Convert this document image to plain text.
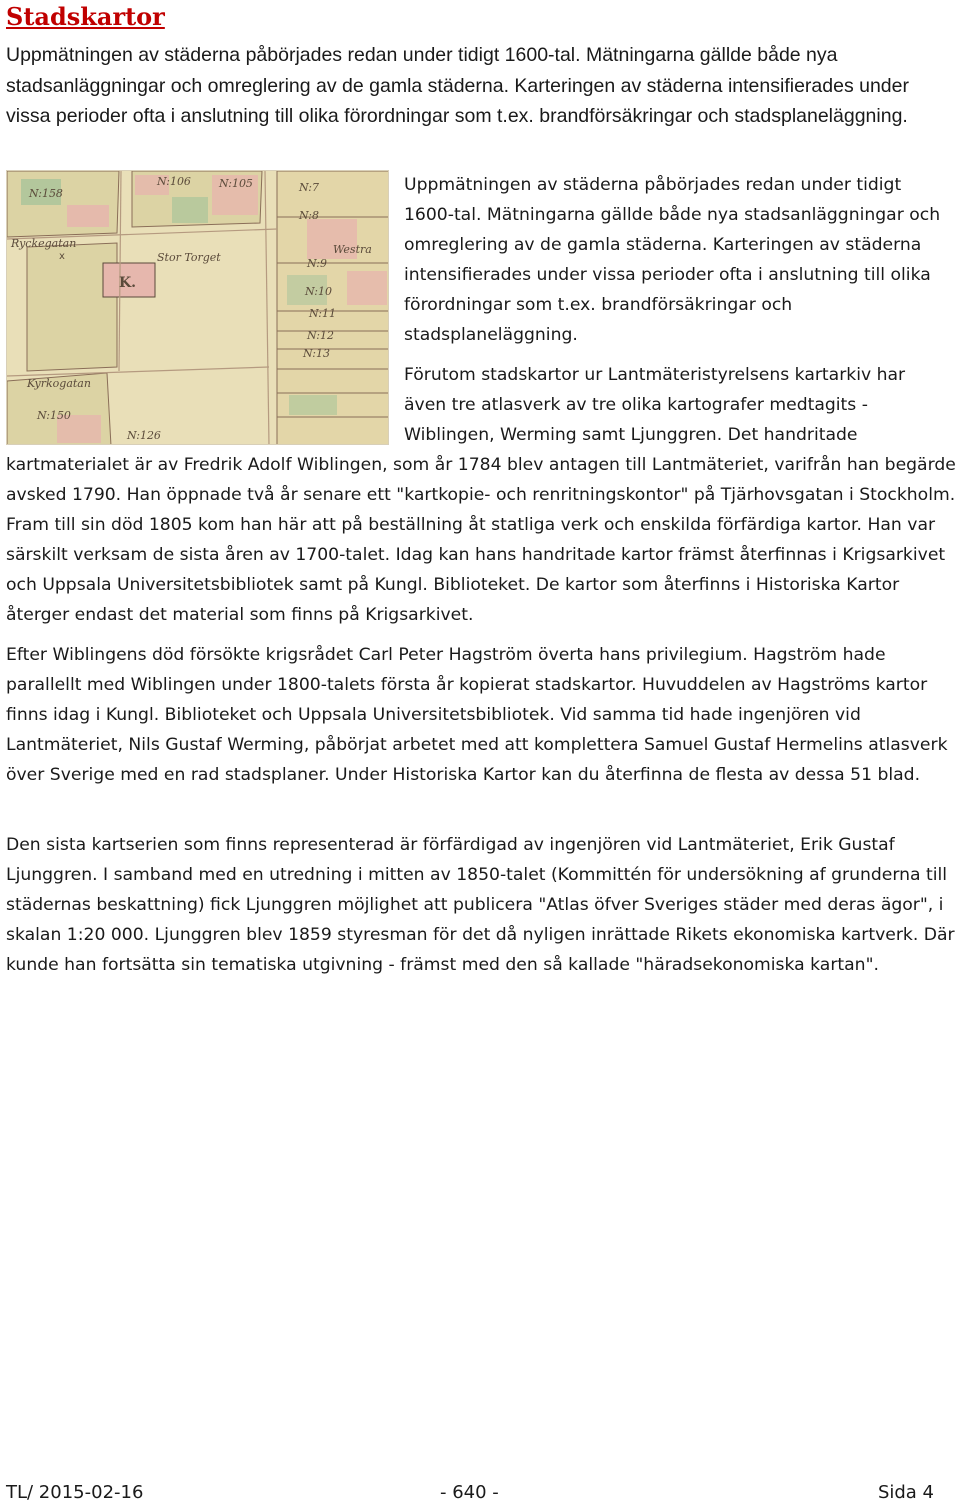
Stadskartor

Uppmätningen av städerna påbörjades redan under tidigt 1600-tal. Mätningarna gällde både nya stadsanläggningar och omreglering av de gamla städerna. Karteringen av städerna intensifierades under vissa perioder ofta i anslutning till olika förordningar som t.ex. brandförsäkringar och stadsplaneläggning.

N:158
N:106	N:105	N:7
N:8
N:9
N:10
N:11
N:12
N:13
N:150
N:126
Ryckegatan
Stor Torget
Kyrkogatan
Westra
K.
x

Uppmätningen av städerna påbörjades redan under tidigt 1600-tal. Mätningarna gällde både nya stadsanläggningar och omreglering av de gamla städerna. Karteringen av städerna intensifierades under vissa perioder ofta i anslutning till olika förordningar som t.ex. brandförsäkringar och stadsplaneläggning.

Förutom stadskartor ur Lantmäteristyrelsens kartarkiv har även tre atlasverk av tre olika kartografer medtagits - Wiblingen, Werming samt Ljunggren. Det handritade

kartmaterialet är av Fredrik Adolf Wiblingen, som år 1784 blev antagen till Lantmäteriet, varifrån han begärde avsked 1790. Han öppnade två år senare ett "kartkopie- och renritningskontor" på Tjärhovsgatan i Stockholm. Fram till sin död 1805 kom han här att på beställning åt statliga verk och enskilda förfärdiga kartor. Han var särskilt verksam de sista åren av 1700-talet. Idag kan hans handritade kartor främst återfinnas i Krigsarkivet och Uppsala Universitetsbibliotek samt på Kungl. Biblioteket. De kartor som återfinns i Historiska Kartor återger endast det material som finns på Krigsarkivet.

Efter Wiblingens död försökte krigsrådet Carl Peter Hagström överta hans privilegium. Hagström hade parallellt med Wiblingen under 1800-talets första år kopierat stadskartor. Huvuddelen av Hagströms kartor finns idag i Kungl. Biblioteket och Uppsala Universitetsbibliotek. Vid samma tid hade ingenjören vid Lantmäteriet, Nils Gustaf Werming, påbörjat arbetet med att komplettera Samuel Gustaf Hermelins atlasverk över Sverige med en rad stadsplaner. Under Historiska Kartor kan du återfinna de flesta av dessa 51 blad.

Den sista kartserien som finns representerad är förfärdigad av ingenjören vid Lantmäteriet, Erik Gustaf Ljunggren. I samband med en utredning i mitten av 1850-talet (Kommittén för undersökning af grunderna till städernas beskattning) fick Ljunggren möjlighet att publicera "Atlas öfver Sveriges städer med deras ägor", i skalan 1:20 000. Ljunggren blev 1859 styresman för det då nyligen inrättade Rikets ekonomiska kartverk. Där kunde han fortsätta sin tematiska utgivning - främst med den så kallade "häradsekonomiska kartan".

TL/ 2015-02-16	- 640 -	Sida 4
